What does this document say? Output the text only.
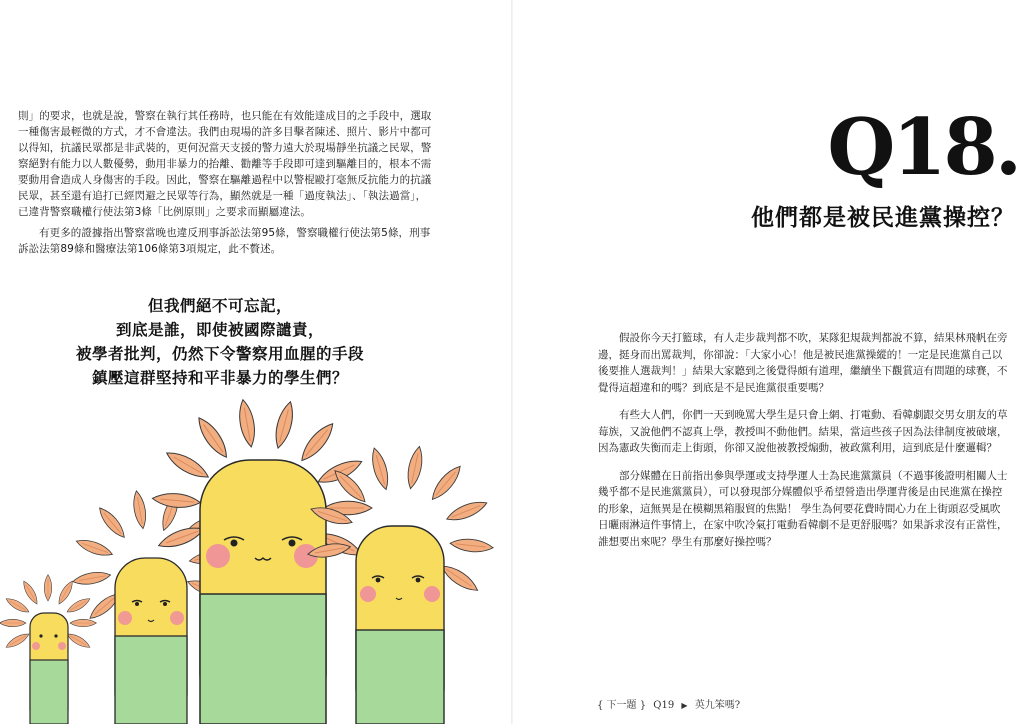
則」的要求，也就是說，警察在執行其任務時，也只能在有效能達成目的之手段中，選取一種傷害最輕微的方式，才不會違法。我們由現場的許多目擊者陳述、照片、影片中都可以得知，抗議民眾都是非武裝的，更何況當天支援的警力遠大於現場靜坐抗議之民眾，警察絕對有能力以人數優勢，動用非暴力的抬離、勸離等手段即可達到驅離目的，根本不需要動用會造成人身傷害的手段。因此，警察在驅離過程中以警棍毆打毫無反抗能力的抗議民眾，甚至還有追打已經閃避之民眾等行為，顯然就是一種「過度執法」、「執法過當」，已違背警察職權行使法第3條「比例原則」之要求而顯屬違法。

有更多的證據指出警察當晚也違反刑事訴訟法第95條，警察職權行使法第5條，刑事訴訟法第89條和醫療法第106條第3項規定，此不贅述。

但我們絕不可忘記，
到底是誰，即使被國際譴責，
被學者批判，仍然下令警察用血腥的手段
鎮壓這群堅持和平非暴力的學生們？
Q18.
他們都是被民進黨操控？

假設你今天打籃球，有人走步裁判都不吹，某隊犯規裁判都說不算，結果林飛帆在旁邊，挺身而出罵裁判，你卻說：「大家小心！他是被民進黨操縱的！一定是民進黨自己以後要推人選裁判！」結果大家聽到之後覺得頗有道理，繼續坐下觀賞這有問題的球賽，不覺得這超違和的嗎？到底是不是民進黨很重要嗎？

有些大人們，你們一天到晚罵大學生是只會上網、打電動、看韓劇跟交男女朋友的草莓族，又說他們不認真上學，教授叫不動他們。結果，當這些孩子因為法律制度被破壞，因為憲政失衡而走上街頭，你卻又說他被教授煽動，被政黨利用，這到底是什麼邏輯？

部分媒體在日前指出參與學運或支持學運人士為民進黨黨員（不過事後證明相關人士幾乎都不是民進黨黨員），可以發現部分媒體似乎希望營造出學運背後是由民進黨在操控的形象，這無異是在模糊黑箱服貿的焦點！ 學生為何要花費時間心力在上街頭忍受風吹日曬雨淋這件事情上，在家中吹冷氣打電動看韓劇不是更舒服嗎？如果訴求沒有正當性，誰想要出來呢？學生有那麼好操控嗎？

{ 下一題 } Q19 ▶ 英九笨嗎?
